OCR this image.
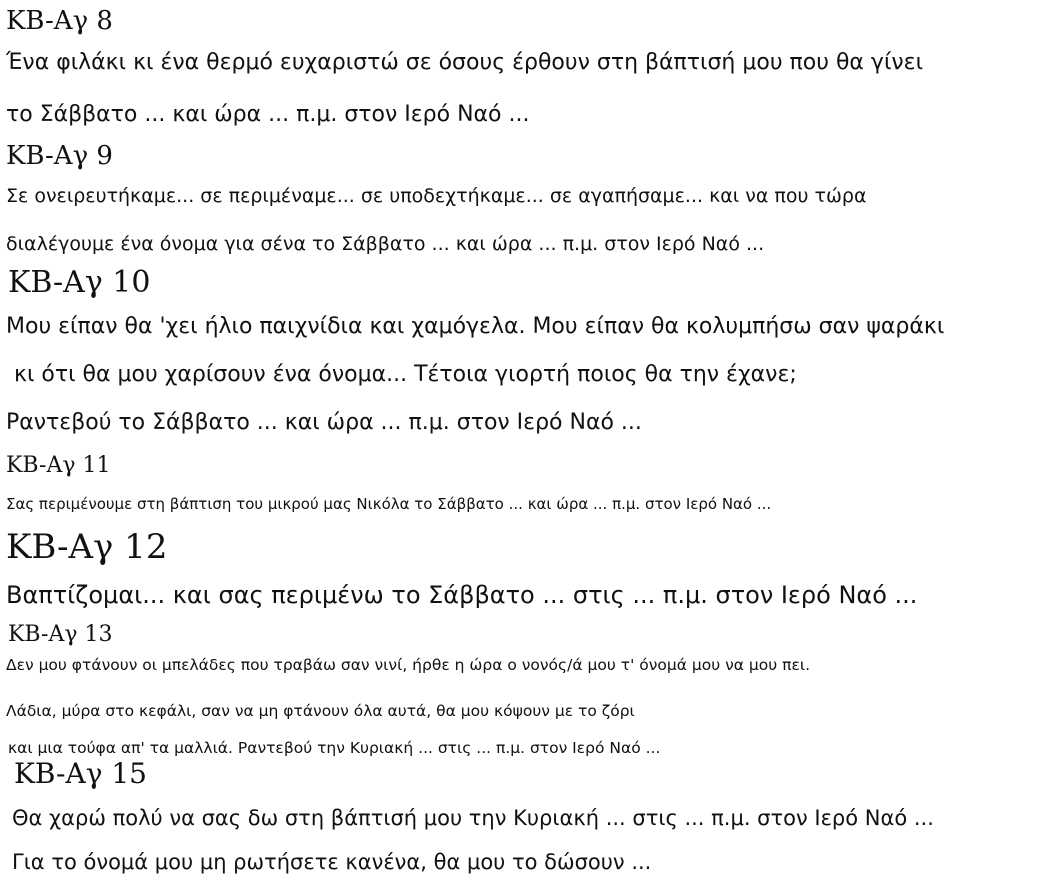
KB-Αγ 8
Ένα φιλάκι κι ένα θερμό ευχαριστώ σε όσους έρθουν στη βάπτισή μου που θα γίνει
το Σάββατο ... και ώρα ... π.μ. στον Ιερό Ναό ...
KB-Αγ 9
Σε ονειρευτήκαμε... σε περιμέναμε... σε υποδεχτήκαμε... σε αγαπήσαμε... και να που τώρα
διαλέγουμε ένα όνομα για σένα το Σάββατο ... και ώρα ... π.μ. στον Ιερό Ναό ...
KB-Αγ 10
Μου είπαν θα 'χει ήλιο παιχνίδια και χαμόγελα. Μου είπαν θα κολυμπήσω σαν ψαράκι
κι ότι θα μου χαρίσουν ένα όνομα... Τέτοια γιορτή ποιος θα την έχανε;
Ραντεβού το Σάββατο ... και ώρα ... π.μ. στον Ιερό Ναό ...
KB-Αγ 11
Σας περιμένουμε στη βάπτιση του μικρού μας Νικόλα το Σάββατο ... και ώρα ... π.μ. στον Ιερό Ναό ...
KB-Αγ 12
Βαπτίζομαι... και σας περιμένω το Σάββατο ... στις ... π.μ. στον Ιερό Ναό ...
KB-Αγ 13
Δεν μου φτάνουν οι μπελάδες που τραβάω σαν νινί, ήρθε η ώρα ο νονός/ά μου τ' όνομά μου να μου πει.
Λάδια, μύρα στο κεφάλι, σαν να μη φτάνουν όλα αυτά, θα μου κόψουν με το ζόρι
και μια τούφα απ' τα μαλλιά. Ραντεβού την Κυριακή ... στις ... π.μ. στον Ιερό Ναό ...
KB-Αγ 15
Θα χαρώ πολύ να σας δω στη βάπτισή μου την Κυριακή ... στις ... π.μ. στον Ιερό Ναό ...
Για το όνομά μου μη ρωτήσετε κανένα, θα μου το δώσουν ...
